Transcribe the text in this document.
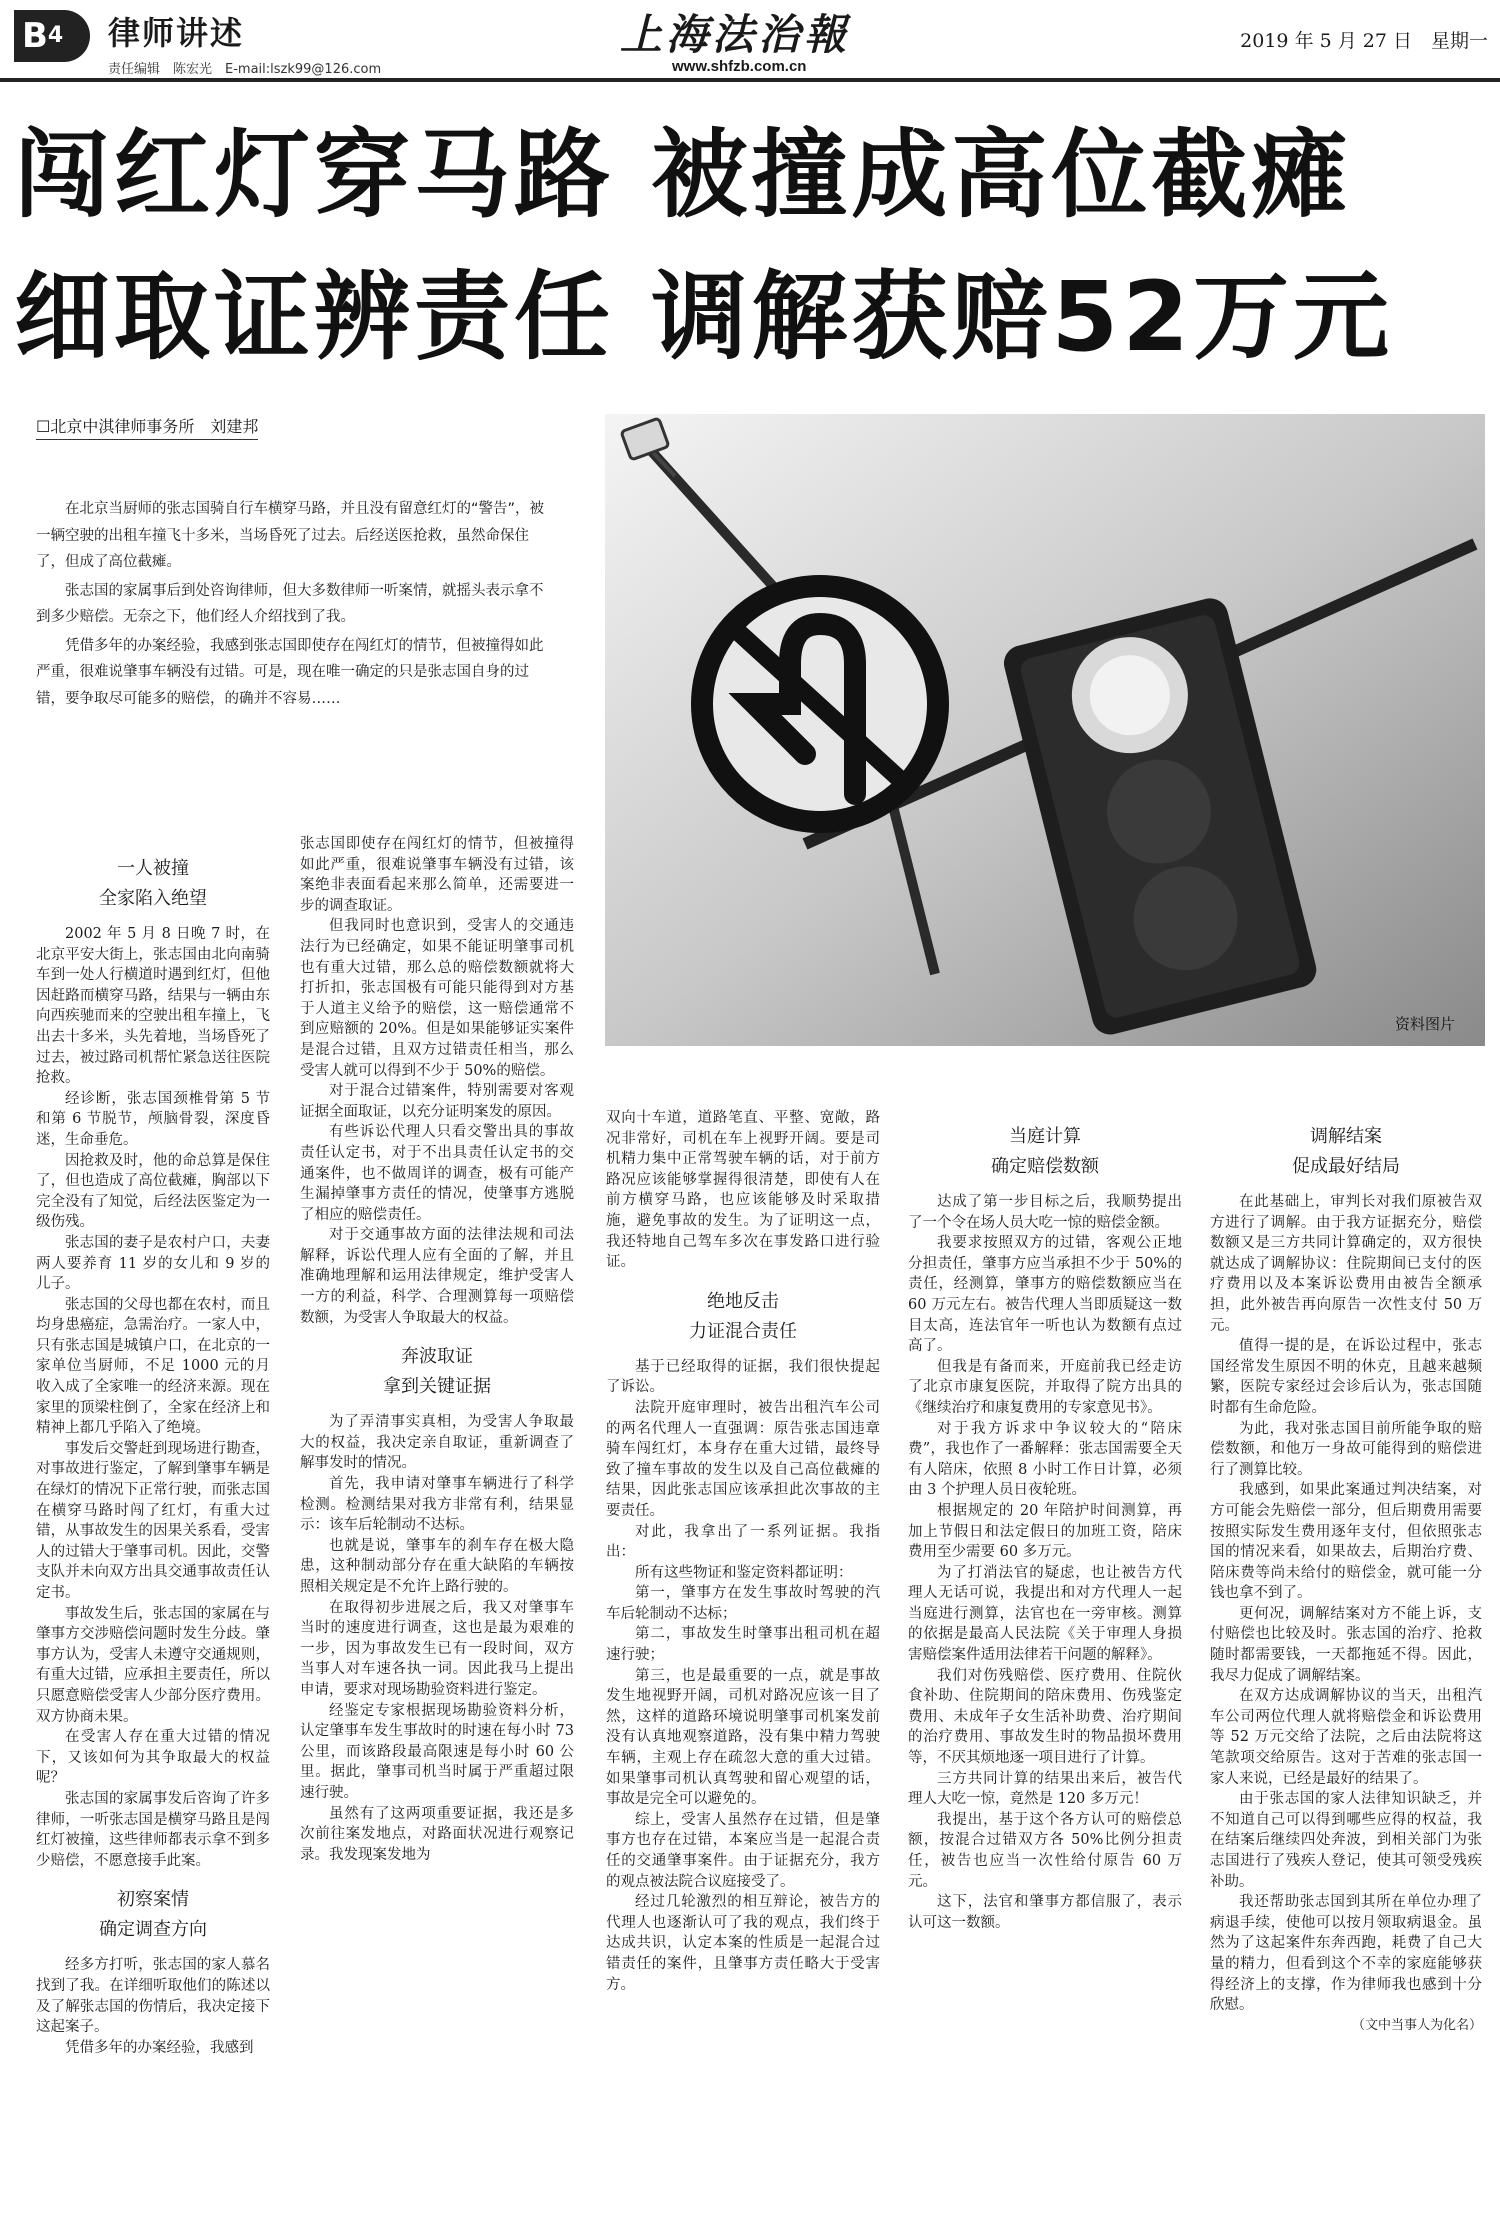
$B^4$	律师讲述
责任编辑　陈宏光　E-mail:lszk99@126.com
上海法治報
www.shfzb.com.cn
2019 年 5 月 27 日　星期一
闯红灯穿马路 被撞成高位截瘫
细取证辨责任 调解获赔52万元
☐北京中淇律师事务所　刘建邦

在北京当厨师的张志国骑自行车横穿马路，并且没有留意红灯的“警告”，被一辆空驶的出租车撞飞十多米，当场昏死了过去。后经送医抢救，虽然命保住了，但成了高位截瘫。

张志国的家属事后到处咨询律师，但大多数律师一听案情，就摇头表示拿不到多少赔偿。无奈之下，他们经人介绍找到了我。

凭借多年的办案经验，我感到张志国即使存在闯红灯的情节，但被撞得如此严重，很难说肇事车辆没有过错。可是，现在唯一确定的只是张志国自身的过错，要争取尽可能多的赔偿，的确并不容易……

资料图片
一人被撞
全家陷入绝望

2002 年 5 月 8 日晚 7 时，在北京平安大街上，张志国由北向南骑车到一处人行横道时遇到红灯，但他因赶路而横穿马路，结果与一辆由东向西疾驰而来的空驶出租车撞上，飞出去十多米，头先着地，当场昏死了过去，被过路司机帮忙紧急送往医院抢救。

经诊断，张志国颈椎骨第 5 节和第 6 节脱节，颅脑骨裂，深度昏迷，生命垂危。

因抢救及时，他的命总算是保住了，但也造成了高位截瘫，胸部以下完全没有了知觉，后经法医鉴定为一级伤残。

张志国的妻子是农村户口，夫妻两人要养育 11 岁的女儿和 9 岁的儿子。

张志国的父母也都在农村，而且均身患癌症，急需治疗。一家人中，只有张志国是城镇户口，在北京的一家单位当厨师，不足 1000 元的月收入成了全家唯一的经济来源。现在家里的顶梁柱倒了，全家在经济上和精神上都几乎陷入了绝境。

事发后交警赶到现场进行勘查，对事故进行鉴定，了解到肇事车辆是在绿灯的情况下正常行驶，而张志国在横穿马路时闯了红灯，有重大过错，从事故发生的因果关系看，受害人的过错大于肇事司机。因此，交警支队并未向双方出具交通事故责任认定书。

事故发生后，张志国的家属在与肇事方交涉赔偿问题时发生分歧。肇事方认为，受害人未遵守交通规则，有重大过错，应承担主要责任，所以只愿意赔偿受害人少部分医疗费用。双方协商未果。

在受害人存在重大过错的情况下，又该如何为其争取最大的权益呢？

张志国的家属事发后咨询了许多律师，一听张志国是横穿马路且是闯红灯被撞，这些律师都表示拿不到多少赔偿，不愿意接手此案。

初察案情
确定调查方向

经多方打听，张志国的家人慕名找到了我。在详细听取他们的陈述以及了解张志国的伤情后，我决定接下这起案子。

凭借多年的办案经验，我感到

张志国即使存在闯红灯的情节，但被撞得如此严重，很难说肇事车辆没有过错，该案绝非表面看起来那么简单，还需要进一步的调查取证。

但我同时也意识到，受害人的交通违法行为已经确定，如果不能证明肇事司机也有重大过错，那么总的赔偿数额就将大打折扣，张志国极有可能只能得到对方基于人道主义给予的赔偿，这一赔偿通常不到应赔额的 20%。但是如果能够证实案件是混合过错，且双方过错责任相当，那么受害人就可以得到不少于 50%的赔偿。

对于混合过错案件，特别需要对客观证据全面取证，以充分证明案发的原因。

有些诉讼代理人只看交警出具的事故责任认定书，对于不出具责任认定书的交通案件，也不做周详的调查，极有可能产生漏掉肇事方责任的情况，使肇事方逃脱了相应的赔偿责任。

对于交通事故方面的法律法规和司法解释，诉讼代理人应有全面的了解，并且准确地理解和运用法律规定，维护受害人一方的利益，科学、合理测算每一项赔偿数额，为受害人争取最大的权益。

奔波取证
拿到关键证据

为了弄清事实真相，为受害人争取最大的权益，我决定亲自取证，重新调查了解事发时的情况。

首先，我申请对肇事车辆进行了科学检测。检测结果对我方非常有利，结果显示：该车后轮制动不达标。

也就是说，肇事车的刹车存在极大隐患，这种制动部分存在重大缺陷的车辆按照相关规定是不允许上路行驶的。

在取得初步进展之后，我又对肇事车当时的速度进行调查，这也是最为艰难的一步，因为事故发生已有一段时间，双方当事人对车速各执一词。因此我马上提出申请，要求对现场勘验资料进行鉴定。

经鉴定专家根据现场勘验资料分析，认定肇事车发生事故时的时速在每小时 73 公里，而该路段最高限速是每小时 60 公里。据此，肇事司机当时属于严重超过限速行驶。

虽然有了这两项重要证据，我还是多次前往案发地点，对路面状况进行观察记录。我发现案发地为

双向十车道，道路笔直、平整、宽敞，路况非常好，司机在车上视野开阔。要是司机精力集中正常驾驶车辆的话，对于前方路况应该能够掌握得很清楚，即使有人在前方横穿马路，也应该能够及时采取措施，避免事故的发生。为了证明这一点，我还特地自己驾车多次在事发路口进行验证。

绝地反击
力证混合责任

基于已经取得的证据，我们很快提起了诉讼。

法院开庭审理时，被告出租汽车公司的两名代理人一直强调：原告张志国违章骑车闯红灯，本身存在重大过错，最终导致了撞车事故的发生以及自己高位截瘫的结果，因此张志国应该承担此次事故的主要责任。

对此，我拿出了一系列证据。我指出：

所有这些物证和鉴定资料都证明：

第一，肇事方在发生事故时驾驶的汽车后轮制动不达标；

第二，事故发生时肇事出租司机在超速行驶；

第三，也是最重要的一点，就是事故发生地视野开阔，司机对路况应该一目了然，这样的道路环境说明肇事司机案发前没有认真地观察道路，没有集中精力驾驶车辆，主观上存在疏忽大意的重大过错。如果肇事司机认真驾驶和留心观望的话，事故是完全可以避免的。

综上，受害人虽然存在过错，但是肇事方也存在过错，本案应当是一起混合责任的交通肇事案件。由于证据充分，我方的观点被法院合议庭接受了。

经过几轮激烈的相互辩论，被告方的代理人也逐渐认可了我的观点，我们终于达成共识，认定本案的性质是一起混合过错责任的案件，且肇事方责任略大于受害方。

当庭计算
确定赔偿数额

达成了第一步目标之后，我顺势提出了一个令在场人员大吃一惊的赔偿金额。

我要求按照双方的过错，客观公正地分担责任，肇事方应当承担不少于 50%的责任，经测算，肇事方的赔偿数额应当在 60 万元左右。被告代理人当即质疑这一数目太高，连法官年一听也认为数额有点过高了。

但我是有备而来，开庭前我已经走访了北京市康复医院，并取得了院方出具的《继续治疗和康复费用的专家意见书》。

对于我方诉求中争议较大的“陪床费”，我也作了一番解释：张志国需要全天有人陪床，依照 8 小时工作日计算，必须由 3 个护理人员日夜轮班。

根据规定的 20 年陪护时间测算，再加上节假日和法定假日的加班工资，陪床费用至少需要 60 多万元。

为了打消法官的疑虑，也让被告方代理人无话可说，我提出和对方代理人一起当庭进行测算，法官也在一旁审核。测算的依据是最高人民法院《关于审理人身损害赔偿案件适用法律若干问题的解释》。

我们对伤残赔偿、医疗费用、住院伙食补助、住院期间的陪床费用、伤残鉴定费用、未成年子女生活补助费、治疗期间的治疗费用、事故发生时的物品损坏费用等，不厌其烦地逐一项目进行了计算。

三方共同计算的结果出来后，被告代理人大吃一惊，竟然是 120 多万元！

我提出，基于这个各方认可的赔偿总额，按混合过错双方各 50%比例分担责任，被告也应当一次性给付原告 60 万元。

这下，法官和肇事方都信服了，表示认可这一数额。

调解结案
促成最好结局

在此基础上，审判长对我们原被告双方进行了调解。由于我方证据充分，赔偿数额又是三方共同计算确定的，双方很快就达成了调解协议：住院期间已支付的医疗费用以及本案诉讼费用由被告全额承担，此外被告再向原告一次性支付 50 万元。

值得一提的是，在诉讼过程中，张志国经常发生原因不明的休克，且越来越频繁，医院专家经过会诊后认为，张志国随时都有生命危险。

为此，我对张志国目前所能争取的赔偿数额，和他万一身故可能得到的赔偿进行了测算比较。

我感到，如果此案通过判决结案，对方可能会先赔偿一部分，但后期费用需要按照实际发生费用逐年支付，但依照张志国的情况来看，如果故去，后期治疗费、陪床费等尚未给付的赔偿金，就可能一分钱也拿不到了。

更何况，调解结案对方不能上诉，支付赔偿也比较及时。张志国的治疗、抢救随时都需要钱，一天都拖延不得。因此，我尽力促成了调解结案。

在双方达成调解协议的当天，出租汽车公司两位代理人就将赔偿金和诉讼费用等 52 万元交给了法院，之后由法院将这笔款项交给原告。这对于苦难的张志国一家人来说，已经是最好的结果了。

由于张志国的家人法律知识缺乏，并不知道自己可以得到哪些应得的权益，我在结案后继续四处奔波，到相关部门为张志国进行了残疾人登记，使其可领受残疾补助。

我还帮助张志国到其所在单位办理了病退手续，使他可以按月领取病退金。虽然为了这起案件东奔西跑，耗费了自己大量的精力，但看到这个不幸的家庭能够获得经济上的支撑，作为律师我也感到十分欣慰。

（文中当事人为化名）
